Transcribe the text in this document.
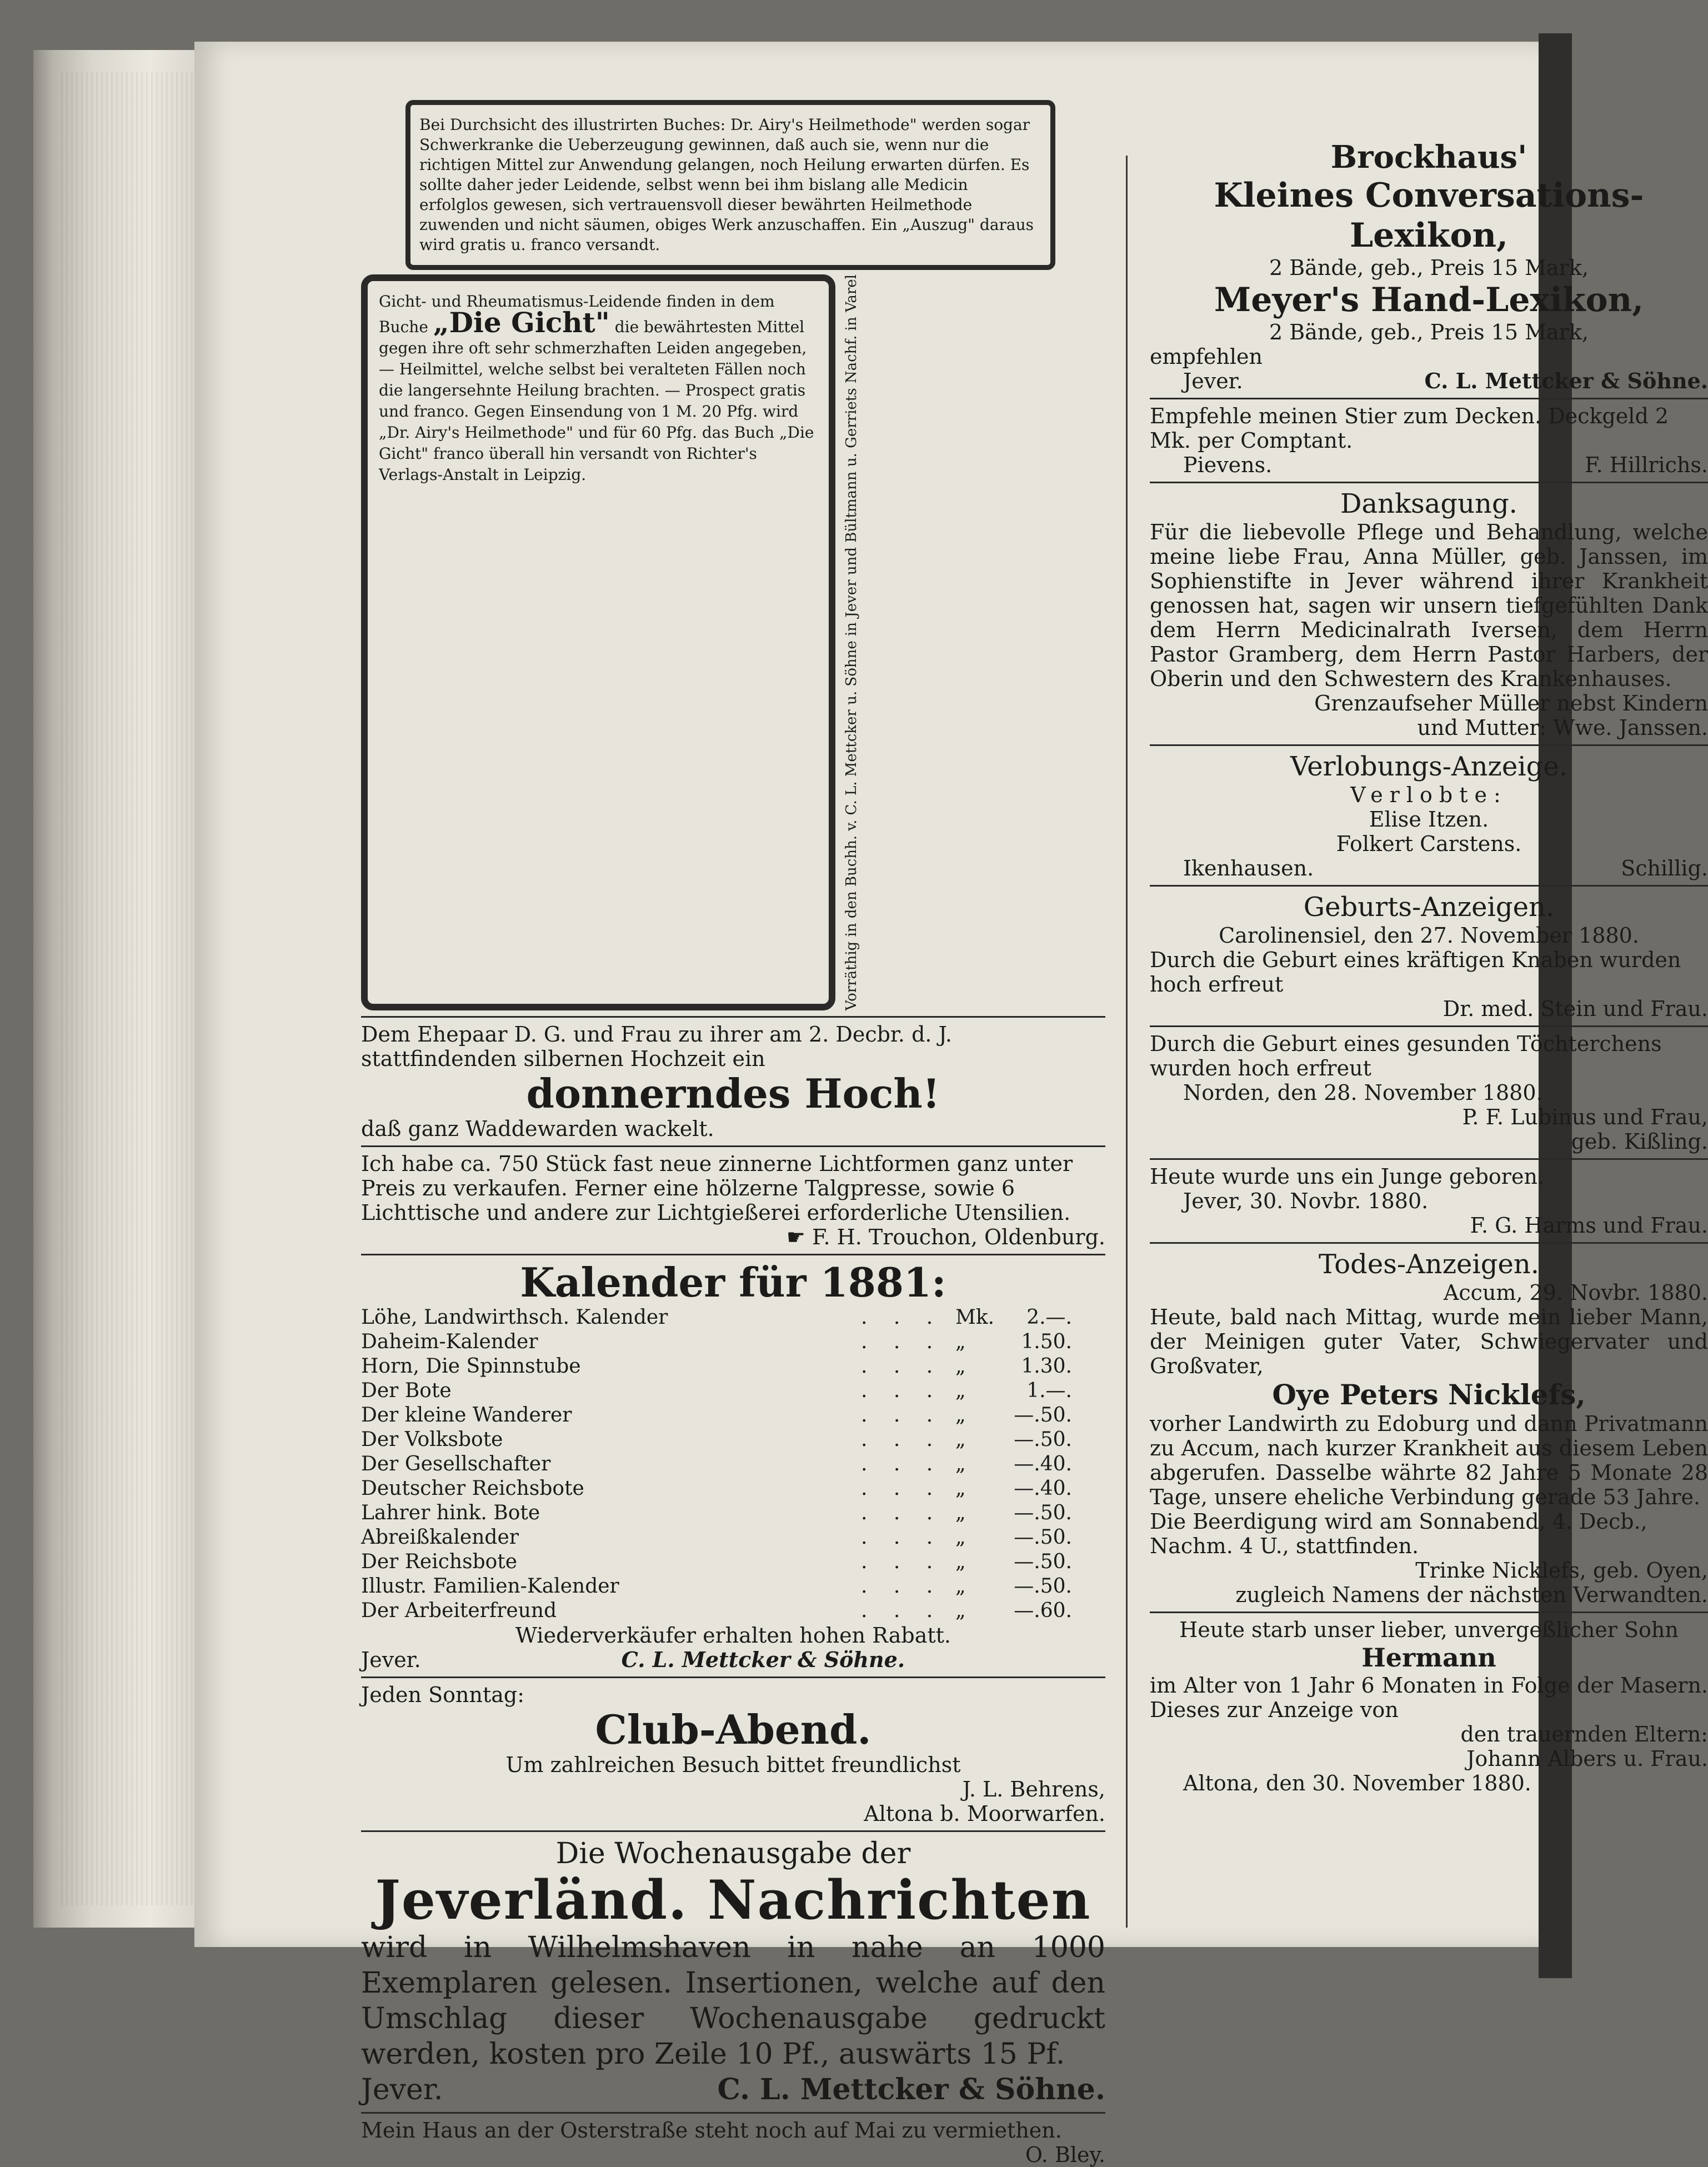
Bei Durchsicht des illustrirten Buches: Dr. Airy's Heilmethode" werden sogar Schwerkranke die Ueberzeugung gewinnen, daß auch sie, wenn nur die richtigen Mittel zur Anwendung gelangen, noch Heilung erwarten dürfen. Es sollte daher jeder Leidende, selbst wenn bei ihm bislang alle Medicin erfolglos gewesen, sich vertrauensvoll dieser bewährten Heilmethode zuwenden und nicht säumen, obiges Werk anzuschaffen. Ein „Auszug" daraus wird gratis u. franco versandt.
Gicht- und Rheumatismus-Leidende finden in dem Buche „Die Gicht" die bewährtesten Mittel gegen ihre oft sehr schmerzhaften Leiden angegeben, — Heilmittel, welche selbst bei veralteten Fällen noch die langersehnte Heilung brachten. — Prospect gratis und franco. Gegen Einsendung von 1 M. 20 Pfg. wird „Dr. Airy's Heilmethode" und für 60 Pfg. das Buch „Die Gicht" franco überall hin versandt von Richter's Verlags-Anstalt in Leipzig.	Vorräthig in den Buchh. v. C. L. Mettcker u. Söhne in Jever und Bültmann u. Gerriets Nachf. in Varel
Dem Ehepaar D. G. und Frau zu ihrer am 2. Decbr. d. J. stattfindenden silbernen Hochzeit ein
donnerndes Hoch!
daß ganz Waddewarden wackelt.
Ich habe ca. 750 Stück fast neue zinnerne Lichtformen ganz unter Preis zu verkaufen. Ferner eine hölzerne Talgpresse, sowie 6 Lichttische und andere zur Lichtgießerei erforderliche Utensilien.
☛ F. H. Trouchon, Oldenburg.
Kalender für 1881:
Löhe, Landwirthsch. Kalender	. . . Mk.	2.—.
Daheim-Kalender	. . . „	1.50.
Horn, Die Spinnstube	. . . „	1.30.
Der Bote	. . . „	1.—.
Der kleine Wanderer	. . . „	—.50.
Der Volksbote	. . . „	—.50.
Der Gesellschafter	. . . „	—.40.
Deutscher Reichsbote	. . . „	—.40.
Lahrer hink. Bote	. . . „	—.50.
Abreißkalender	. . . „	—.50.
Der Reichsbote	. . . „	—.50.
Illustr. Familien-Kalender	. . . „	—.50.
Der Arbeiterfreund	. . . „	—.60.
Wiederverkäufer erhalten hohen Rabatt.
Jever.	C. L. Mettcker & Söhne.
Jeden Sonntag:
Club-Abend.
Um zahlreichen Besuch bittet freundlichst
J. L. Behrens,
Altona b. Moorwarfen.
Die Wochenausgabe der
Jeverländ. Nachrichten
wird in Wilhelmshaven in nahe an 1000 Exemplaren gelesen. Insertionen, welche auf den Umschlag dieser Wochenausgabe gedruckt werden, kosten pro Zeile 10 Pf., auswärts 15 Pf.
Jever.	C. L. Mettcker & Söhne.
Mein Haus an der Osterstraße steht noch auf Mai zu vermiethen.
O. Bley.
Brockhaus'
Kleines Conversations-Lexikon,
2 Bände, geb., Preis 15 Mark,
Meyer's Hand-Lexikon,
2 Bände, geb., Preis 15 Mark,
empfehlen
Jever.	C. L. Mettcker & Söhne.
Empfehle meinen Stier zum Decken. Deckgeld 2 Mk. per Comptant.
Pievens.	F. Hillrichs.
Danksagung.
Für die liebevolle Pflege und Behandlung, welche meine liebe Frau, Anna Müller, geb. Janssen, im Sophienstifte in Jever während ihrer Krankheit genossen hat, sagen wir unsern tiefgefühlten Dank dem Herrn Medicinalrath Iversen, dem Herrn Pastor Gramberg, dem Herrn Pastor Harbers, der Oberin und den Schwestern des Krankenhauses.
Grenzaufseher Müller nebst Kindern
und Mutter: Wwe. Janssen.
Verlobungs-Anzeige.
Verlobte:
Elise Itzen.
Folkert Carstens.
Ikenhausen.	Schillig.
Geburts-Anzeigen.
Carolinensiel, den 27. November 1880.
Durch die Geburt eines kräftigen Knaben wurden hoch erfreut
Dr. med. Stein und Frau.
Durch die Geburt eines gesunden Töchterchens wurden hoch erfreut
Norden, den 28. November 1880.
P. F. Lubinus und Frau,
geb. Kißling.
Heute wurde uns ein Junge geboren.
Jever, 30. Novbr. 1880.
F. G. Harms und Frau.
Todes-Anzeigen.
Accum, 29. Novbr. 1880.
Heute, bald nach Mittag, wurde mein lieber Mann, der Meinigen guter Vater, Schwiegervater und Großvater,
Oye Peters Nicklefs,
vorher Landwirth zu Edoburg und dann Privatmann zu Accum, nach kurzer Krankheit aus diesem Leben abgerufen. Dasselbe währte 82 Jahre 5 Monate 28 Tage, unsere eheliche Verbindung gerade 53 Jahre.
Die Beerdigung wird am Sonnabend, 4. Decb., Nachm. 4 U., stattfinden.
Trinke Nicklefs, geb. Oyen,
zugleich Namens der nächsten Verwandten.
Heute starb unser lieber, unvergeßlicher Sohn
Hermann
im Alter von 1 Jahr 6 Monaten in Folge der Masern. Dieses zur Anzeige von
den trauernden Eltern:
Johann Albers u. Frau.
Altona, den 30. November 1880.
